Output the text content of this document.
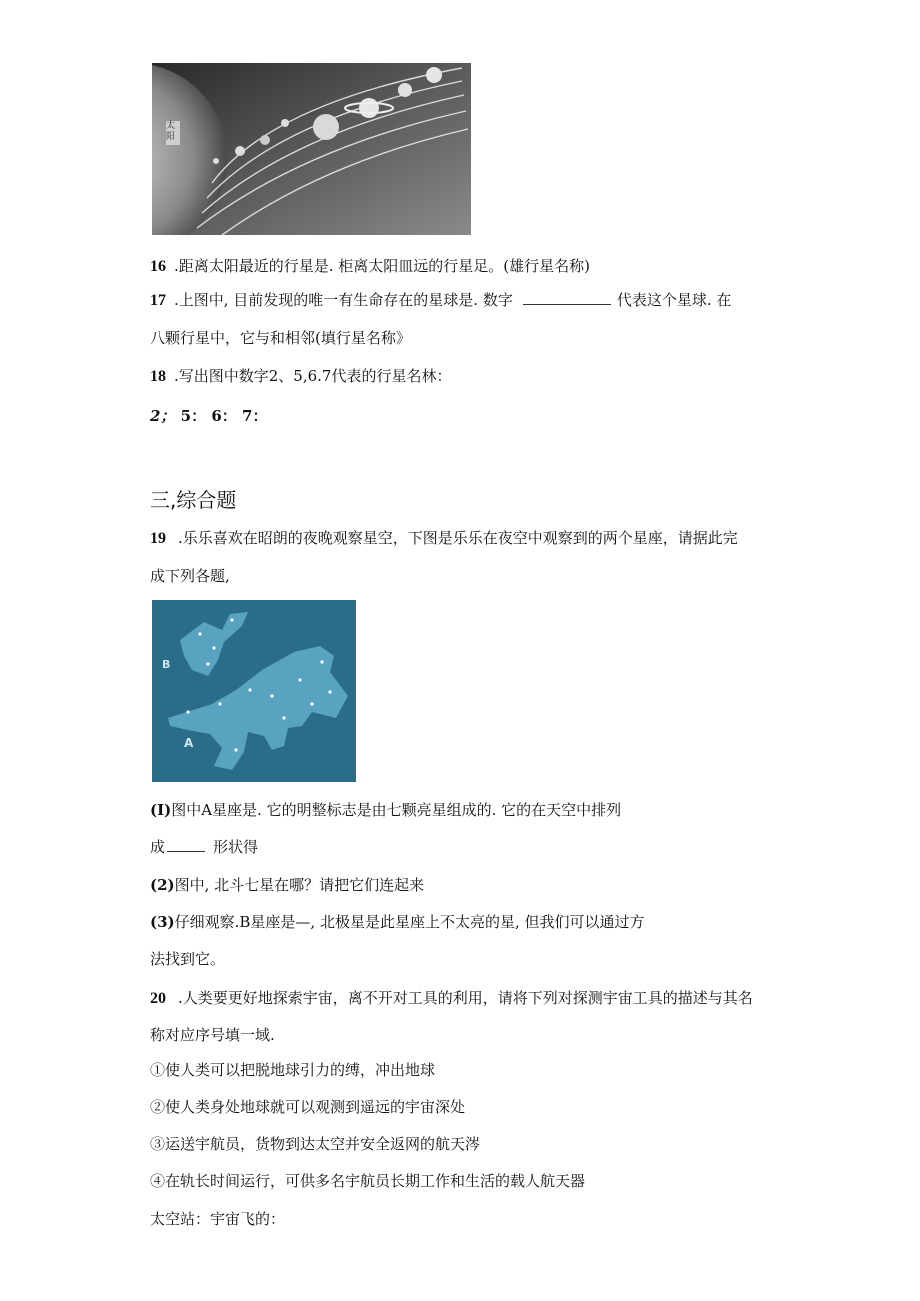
太阳
16 .距离太阳最近的行星是. 柜离太阳皿远的行星足。(雄行星名称)
17 .上图中, 目前发现的唯一有生命存在的星球是. 数字	代表这个星球. 在
八颗行星中，它与和相邻(填行星名称》
18 .写出图中数字2、5,6.7代表的行星名林：
2； 5： 6： 7：
三,综合题
19 .乐乐喜欢在昭朗的夜晚观察星空，下图是乐乐在夜空中观察到的两个星座，请据此完
成下列各题,
B
A
(I)图中A星座是. 它的明整标志是由七颗亮星组成的. 它的在天空中排列
成	形状得
(2)图中, 北斗七星在哪？请把它们连起来
(3)仔细观察.B星座是—, 北极星是此星座上不太亮的星, 但我们可以通过方
法找到它。
20 .人类要更好地探索宇宙，离不开对工具的利用，请将下列对探测宇宙工具的描述与其名
称对应序号填一域.
①使人类可以把脱地球引力的缚，冲出地球
②使人类身处地球就可以观测到遥远的宇宙深处
③运送宇航员，货物到达太空并安全返网的航天涔
④在轨长时间运行，可供多名宇航员长期工作和生活的载人航天器
太空站：宇宙飞的：
